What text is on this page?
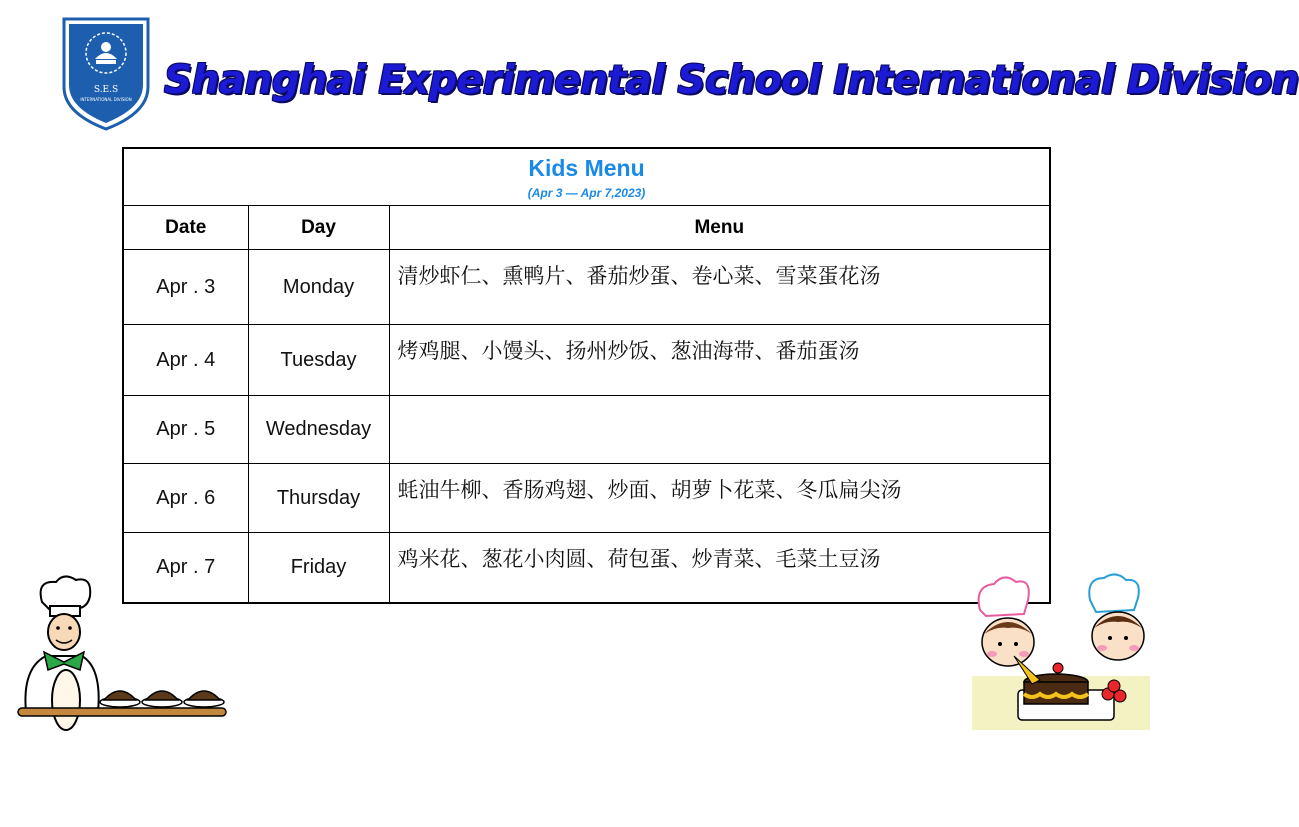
S.E.S
INTERNATIONAL DIVISION Shanghai Experimental School International Division
Kids Menu
(Apr 3 — Apr 7,2023)		

Date	Day	Menu
Apr . 3	Monday	清炒虾仁、熏鸭片、番茄炒蛋、卷心菜、雪菜蛋花汤
Apr . 4	Tuesday	烤鸡腿、小馒头、扬州炒饭、葱油海带、番茄蛋汤
Apr . 5	Wednesday	
Apr . 6	Thursday	蚝油牛柳、香肠鸡翅、炒面、胡萝卜花菜、冬瓜扁尖汤
Apr . 7	Friday	鸡米花、葱花小肉圆、荷包蛋、炒青菜、毛菜土豆汤
